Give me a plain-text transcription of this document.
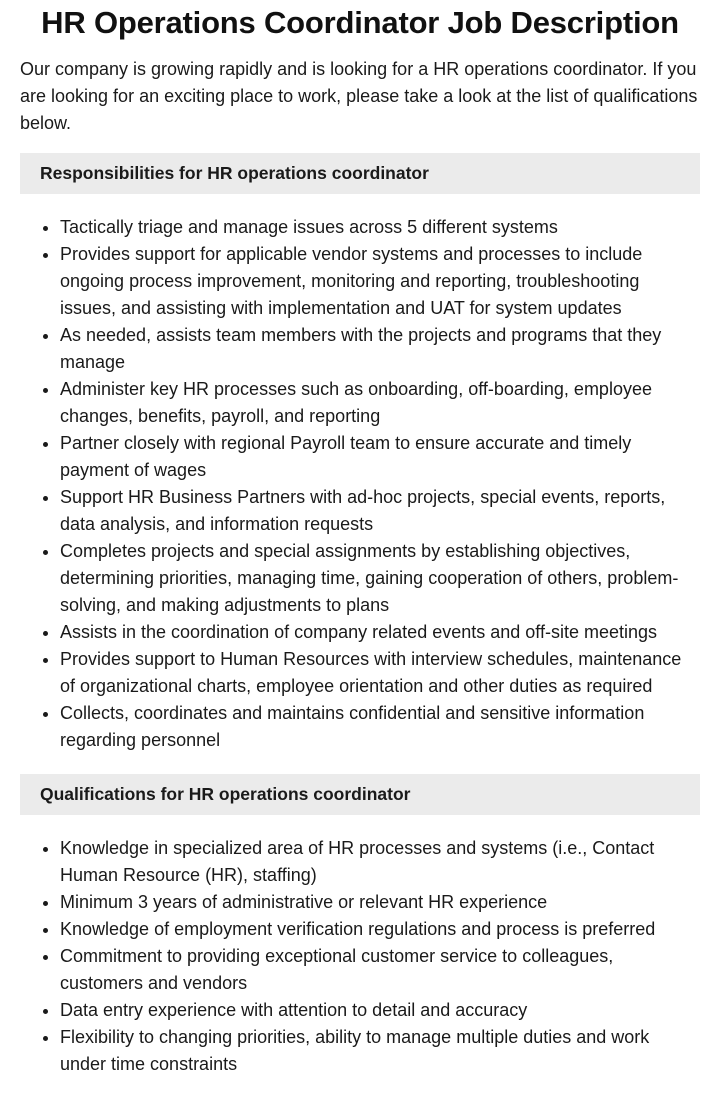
HR Operations Coordinator Job Description

Our company is growing rapidly and is looking for a HR operations coordinator. If you are looking for an exciting place to work, please take a look at the list of qualifications below.

Responsibilities for HR operations coordinator
• Tactically triage and manage issues across 5 different systems
• Provides support for applicable vendor systems and processes to include ongoing process improvement, monitoring and reporting, troubleshooting issues, and assisting with implementation and UAT for system updates
• As needed, assists team members with the projects and programs that they manage
• Administer key HR processes such as onboarding, off-boarding, employee changes, benefits, payroll, and reporting
• Partner closely with regional Payroll team to ensure accurate and timely payment of wages
• Support HR Business Partners with ad-hoc projects, special events, reports, data analysis, and information requests
• Completes projects and special assignments by establishing objectives, determining priorities, managing time, gaining cooperation of others, problem-solving, and making adjustments to plans
• Assists in the coordination of company related events and off-site meetings
• Provides support to Human Resources with interview schedules, maintenance of organizational charts, employee orientation and other duties as required
• Collects, coordinates and maintains confidential and sensitive information regarding personnel
Qualifications for HR operations coordinator
• Knowledge in specialized area of HR processes and systems (i.e., Contact Human Resource (HR), staffing)
• Minimum 3 years of administrative or relevant HR experience
• Knowledge of employment verification regulations and process is preferred
• Commitment to providing exceptional customer service to colleagues, customers and vendors
• Data entry experience with attention to detail and accuracy
• Flexibility to changing priorities, ability to manage multiple duties and work under time constraints
